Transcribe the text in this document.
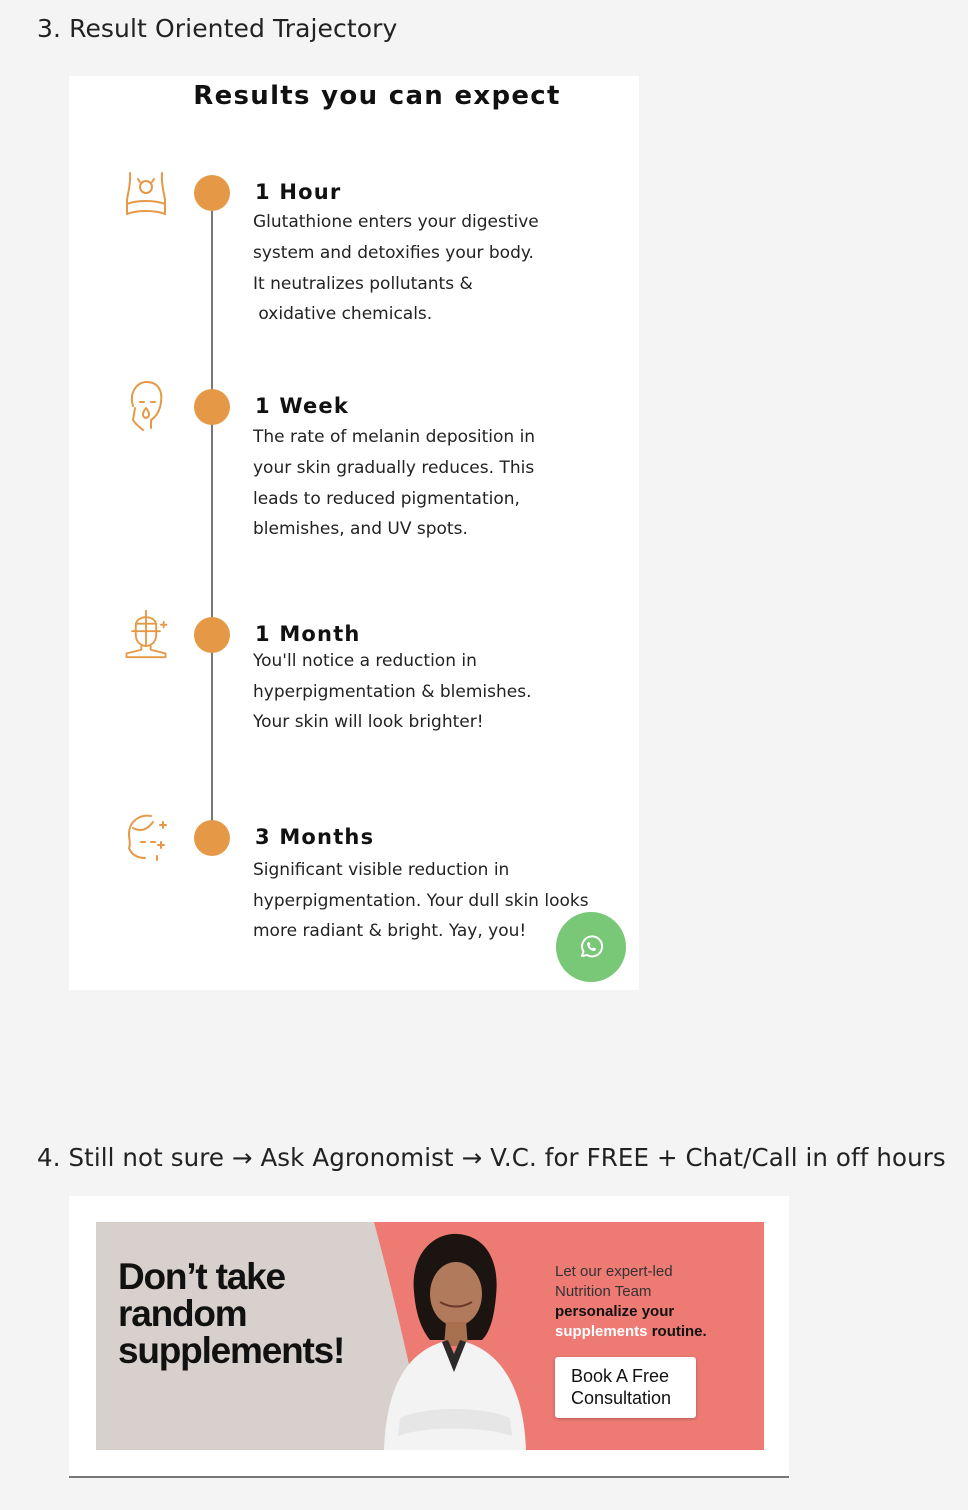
3. Result Oriented Trajectory
Results you can expect
1 Hour
Glutathione enters your digestive
system and detoxifies your body.
It neutralizes pollutants &
oxidative chemicals.
1 Week
The rate of melanin deposition in
your skin gradually reduces. This
leads to reduced pigmentation,
blemishes, and UV spots.
1 Month
You'll notice a reduction in
hyperpigmentation & blemishes.
Your skin will look brighter!
3 Months
Significant visible reduction in
hyperpigmentation. Your dull skin looks
more radiant & bright. Yay, you!
4. Still not sure → Ask Agronomist → V.C. for FREE + Chat/Call in off hours
Don’t take
random
supplements!
Let our expert-led
Nutrition Team
personalize your
supplements routine.
Book A Free
Consultation
